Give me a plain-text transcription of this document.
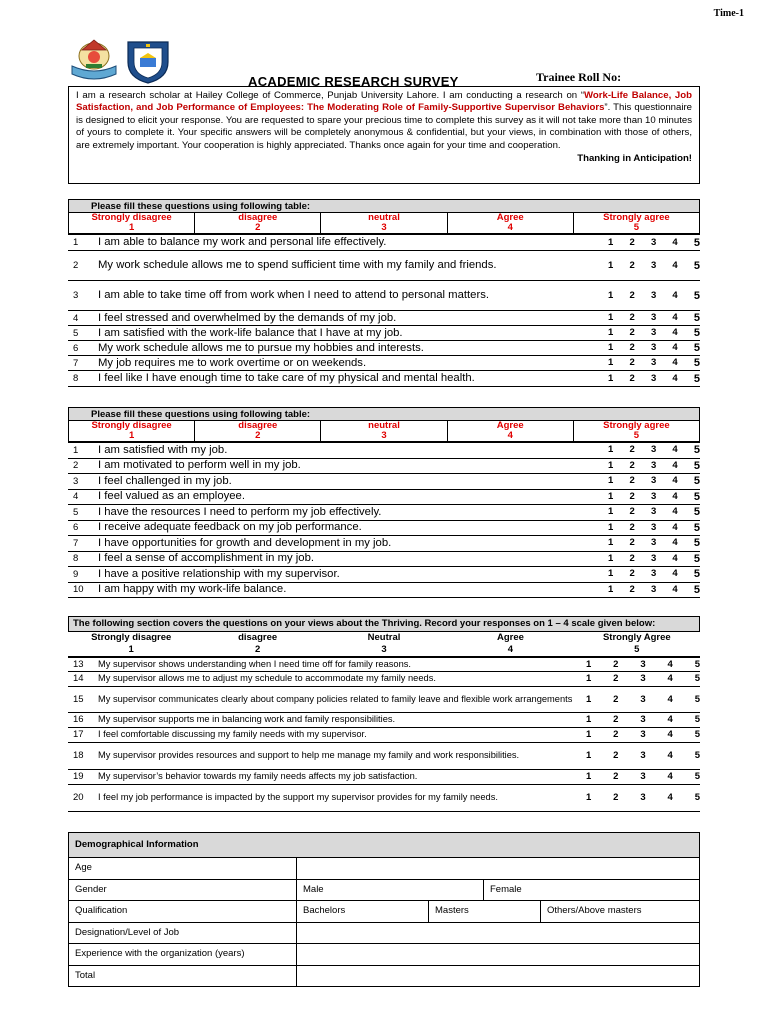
Time-1
ACADEMIC RESEARCH SURVEY	Trainee Roll No:
I am a research scholar at Hailey College of Commerce, Punjab University Lahore. I am conducting a research on “Work-Life Balance, Job Satisfaction, and Job Performance of Employees: The Moderating Role of Family-Supportive Supervisor Behaviors”. This questionnaire is designed to elicit your response. You are requested to spare your precious time to complete this survey as it will not take more than 10 minutes of yours to complete it. Your specific answers will be completely anonymous & confidential, but your views, in combination with those of others, are extremely important. Your cooperation is highly appreciated. Thanks once again for your time and cooperation.
Thanking in Anticipation!
Please fill these questions using following table:
Strongly disagree	disagree	neutral	Agree	Strongly agree
1	2	3	4	5
1	I am able to balance my work and personal life effectively.	1 2 3 4 5
2	My work schedule allows me to spend sufficient time with my family and friends.	1 2 3 4 5
3	I am able to take time off from work when I need to attend to personal matters.	1 2 3 4 5
4	I feel stressed and overwhelmed by the demands of my job.	1 2 3 4 5
5	I am satisfied with the work-life balance that I have at my job.	1 2 3 4 5
6	My work schedule allows me to pursue my hobbies and interests.	1 2 3 4 5
7	My job requires me to work overtime or on weekends.	1 2 3 4 5
8	I feel like I have enough time to take care of my physical and mental health.	1 2 3 4 5
Please fill these questions using following table:
Strongly disagree	disagree	neutral	Agree	Strongly agree
1	2	3	4	5
1	I am satisfied with my job.	1 2 3 4 5
2	I am motivated to perform well in my job.	1 2 3 4 5
3	I feel challenged in my job.	1 2 3 4 5
4	I feel valued as an employee.	1 2 3 4 5
5	I have the resources I need to perform my job effectively.	1 2 3 4 5
6	I receive adequate feedback on my job performance.	1 2 3 4 5
7	I have opportunities for growth and development in my job.	1 2 3 4 5
8	I feel a sense of accomplishment in my job.	1 2 3 4 5
9	I have a positive relationship with my supervisor.	1 2 3 4 5
10	I am happy with my work-life balance.	1 2 3 4 5
The following section covers the questions on your views about the Thriving. Record your responses on 1 – 4 scale given below:
Strongly disagree	disagree	Neutral	Agree	Strongly Agree
1	2	3	4	5
13	My supervisor shows understanding when I need time off for family reasons.	1 2 3 4 5
14	My supervisor allows me to adjust my schedule to accommodate my family needs.	1 2 3 4 5
15	My supervisor communicates clearly about company policies related to family leave and flexible work arrangements	1 2 3 4 5
16	My supervisor supports me in balancing work and family responsibilities.	1 2 3 4 5
17	I feel comfortable discussing my family needs with my supervisor.	1 2 3 4 5
18	My supervisor provides resources and support to help me manage my family and work responsibilities.	1 2 3 4 5
19	My supervisor’s behavior towards my family needs affects my job satisfaction.	1 2 3 4 5
20	I feel my job performance is impacted by the support my supervisor provides for my family needs.	1 2 3 4 5
Demographical Information
Age
Gender	Male	Female
Qualification	Bachelors	Masters	Others/Above masters
Designation/Level of Job
Experience with the organization (years)
Total
